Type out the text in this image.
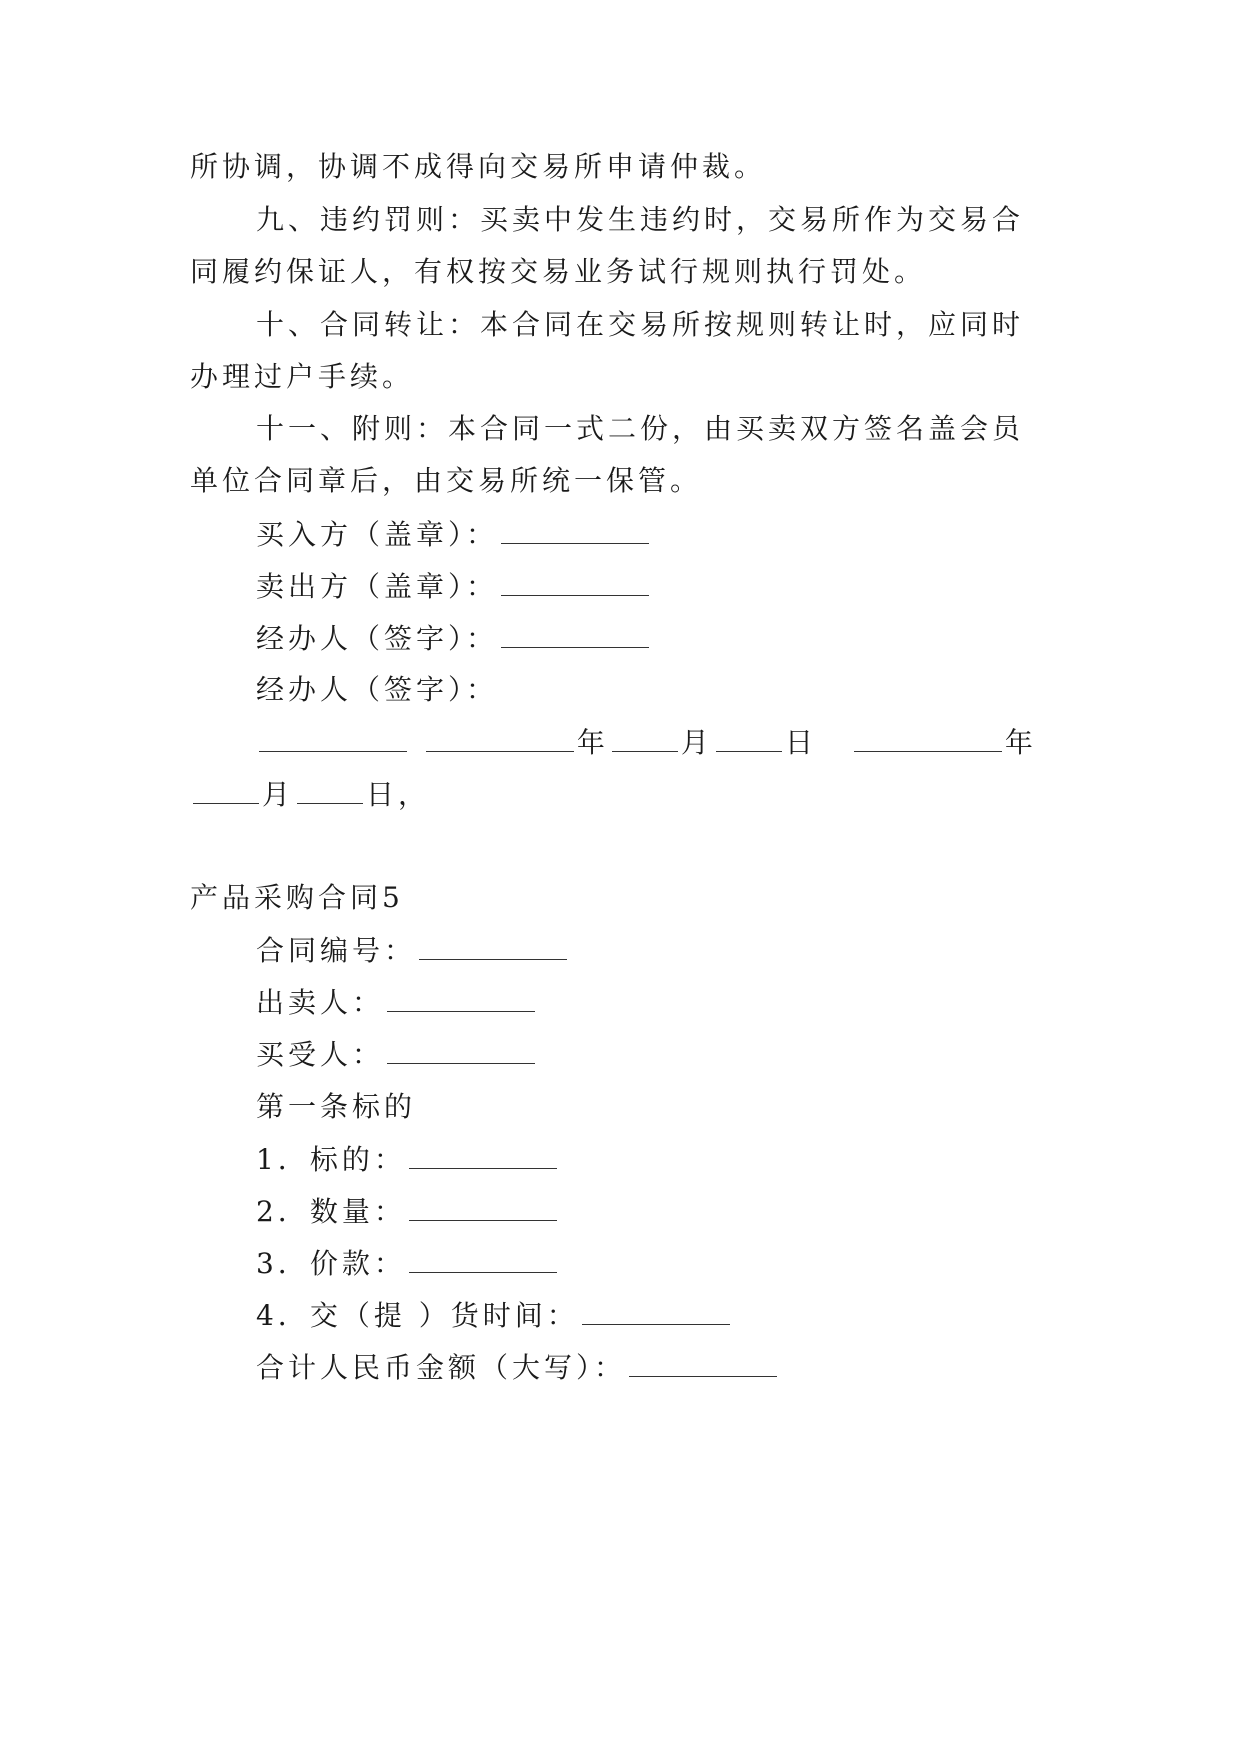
所协调，协调不成得向交易所申请仲裁。
九、违约罚则：买卖中发生违约时，交易所作为交易合
同履约保证人，有权按交易业务试行规则执行罚处。
十、合同转让：本合同在交易所按规则转让时，应同时
办理过户手续。
十一、附则：本合同一式二份，由买卖双方签名盖会员
单位合同章后，由交易所统一保管。
买入方（盖章）：
卖出方（盖章）：
经办人（签字）：
经办人（签字）：
年	月	日	年
月	日，
产品采购合同5
合同编号：
出卖人：
买受人：
第一条标的
1．标的：
2．数量：
3．价款：
4．交（提 ）货时间：
合计人民币金额（大写）：
